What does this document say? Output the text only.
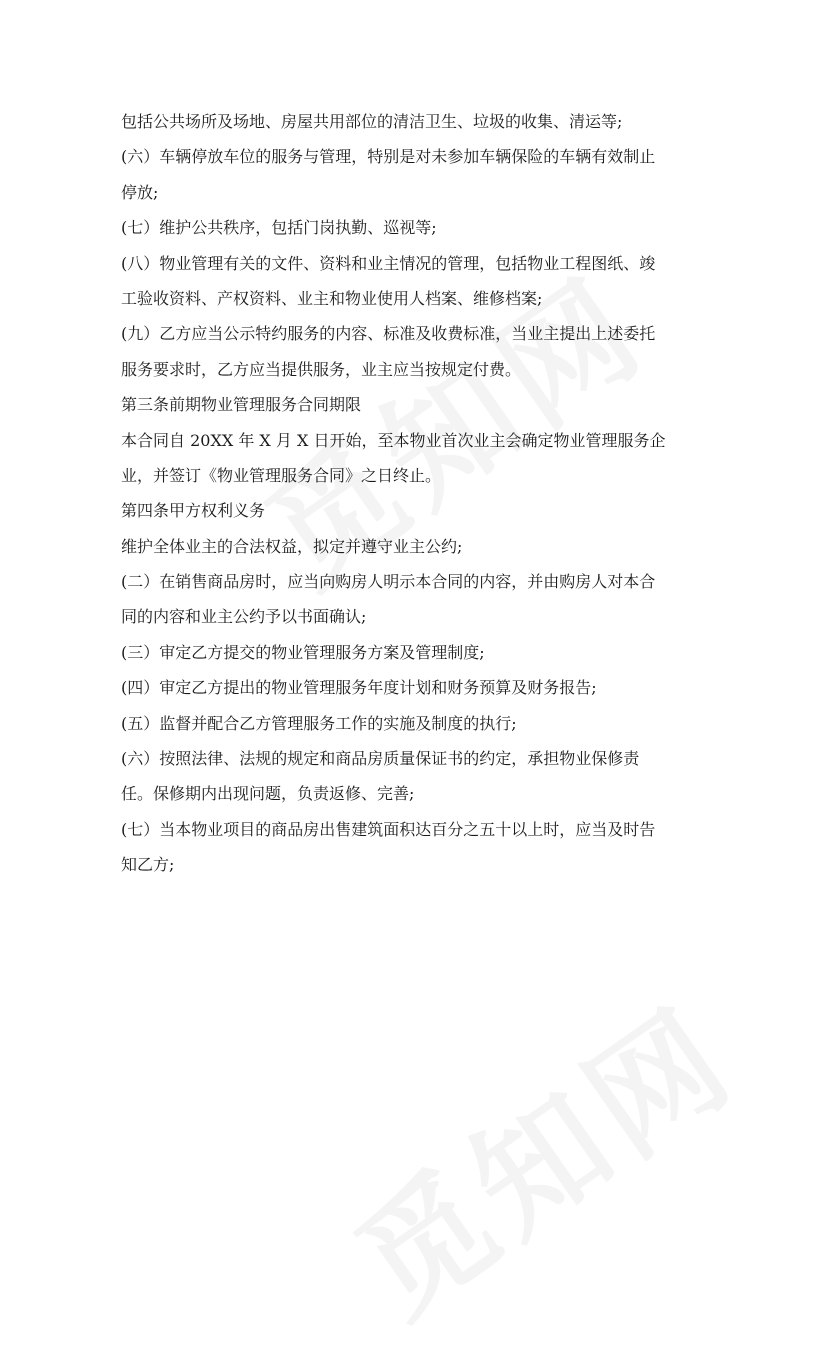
包括公共场所及场地、房屋共用部位的清洁卫生、垃圾的收集、清运等;
(六）车辆停放车位的服务与管理，特别是对未参加车辆保险的车辆有效制止
停放;
(七）维护公共秩序，包括门岗执勤、巡视等;
(八）物业管理有关的文件、资料和业主情况的管理，包括物业工程图纸、竣
工验收资料、产权资料、业主和物业使用人档案、维修档案;
(九）乙方应当公示特约服务的内容、标准及收费标准，当业主提出上述委托
服务要求时，乙方应当提供服务，业主应当按规定付费。
第三条前期物业管理服务合同期限
本合同自 20XX 年 X 月 X 日开始，至本物业首次业主会确定物业管理服务企
业，并签订《物业管理服务合同》之日终止。
第四条甲方权利义务
维护全体业主的合法权益，拟定并遵守业主公约;
(二）在销售商品房时，应当向购房人明示本合同的内容，并由购房人对本合
同的内容和业主公约予以书面确认;
(三）审定乙方提交的物业管理服务方案及管理制度;
(四）审定乙方提出的物业管理服务年度计划和财务预算及财务报告;
(五）监督并配合乙方管理服务工作的实施及制度的执行;
(六）按照法律、法规的规定和商品房质量保证书的约定，承担物业保修责
任。保修期内出现问题，负责返修、完善;
(七）当本物业项目的商品房出售建筑面积达百分之五十以上时，应当及时告
知乙方;
